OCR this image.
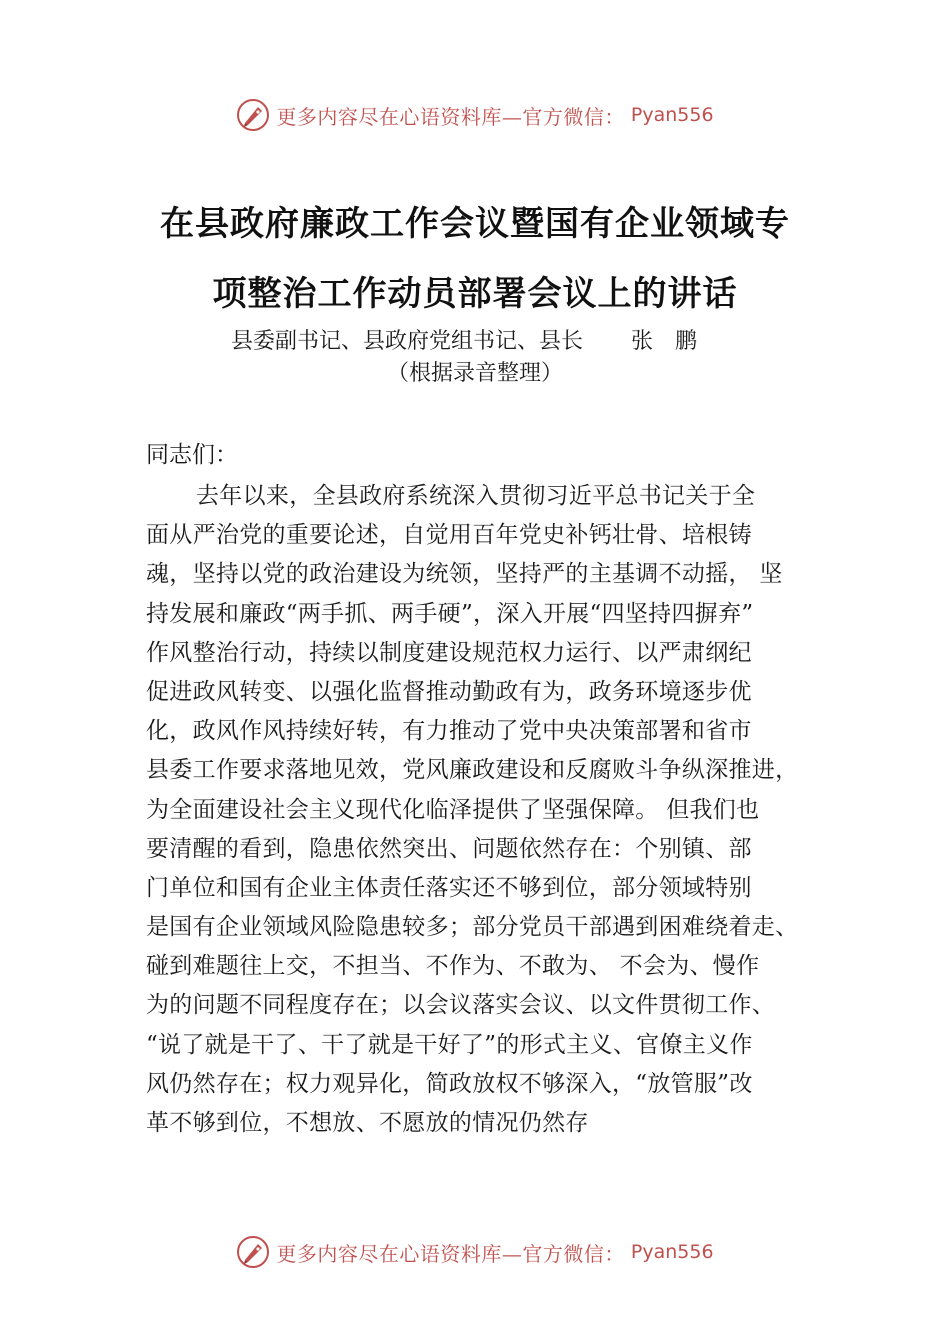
更多内容尽在心语资料库—官方微信： Pyan556
在县政府廉政工作会议暨国有企业领域专
项整治工作动员部署会议上的讲话
县委副书记、县政府党组书记、县长 张鹏
（根据录音整理）
同志们：
去年以来，全县政府系统深入贯彻习近平总书记关于全
面从严治党的重要论述，自觉用百年党史补钙壮骨、培根铸
魂，坚持以党的政治建设为统领，坚持严的主基调不动摇， 坚
持发展和廉政“两手抓、两手硬”，深入开展“四坚持四摒弃”
作风整治行动，持续以制度建设规范权力运行、以严肃纲纪
促进政风转变、以强化监督推动勤政有为，政务环境逐步优
化，政风作风持续好转，有力推动了党中央决策部署和省市
县委工作要求落地见效，党风廉政建设和反腐败斗争纵深推进，
为全面建设社会主义现代化临泽提供了坚强保障。 但我们也
要清醒的看到，隐患依然突出、问题依然存在：个别镇、部
门单位和国有企业主体责任落实还不够到位，部分领域特别
是国有企业领域风险隐患较多；部分党员干部遇到困难绕着走、
碰到难题往上交，不担当、不作为、不敢为、 不会为、慢作
为的问题不同程度存在；以会议落实会议、以文件贯彻工作、
“说了就是干了、干了就是干好了”的形式主义、官僚主义作
风仍然存在；权力观异化，简政放权不够深入，“放管服”改
革不够到位，不想放、不愿放的情况仍然存
更多内容尽在心语资料库—官方微信： Pyan556
